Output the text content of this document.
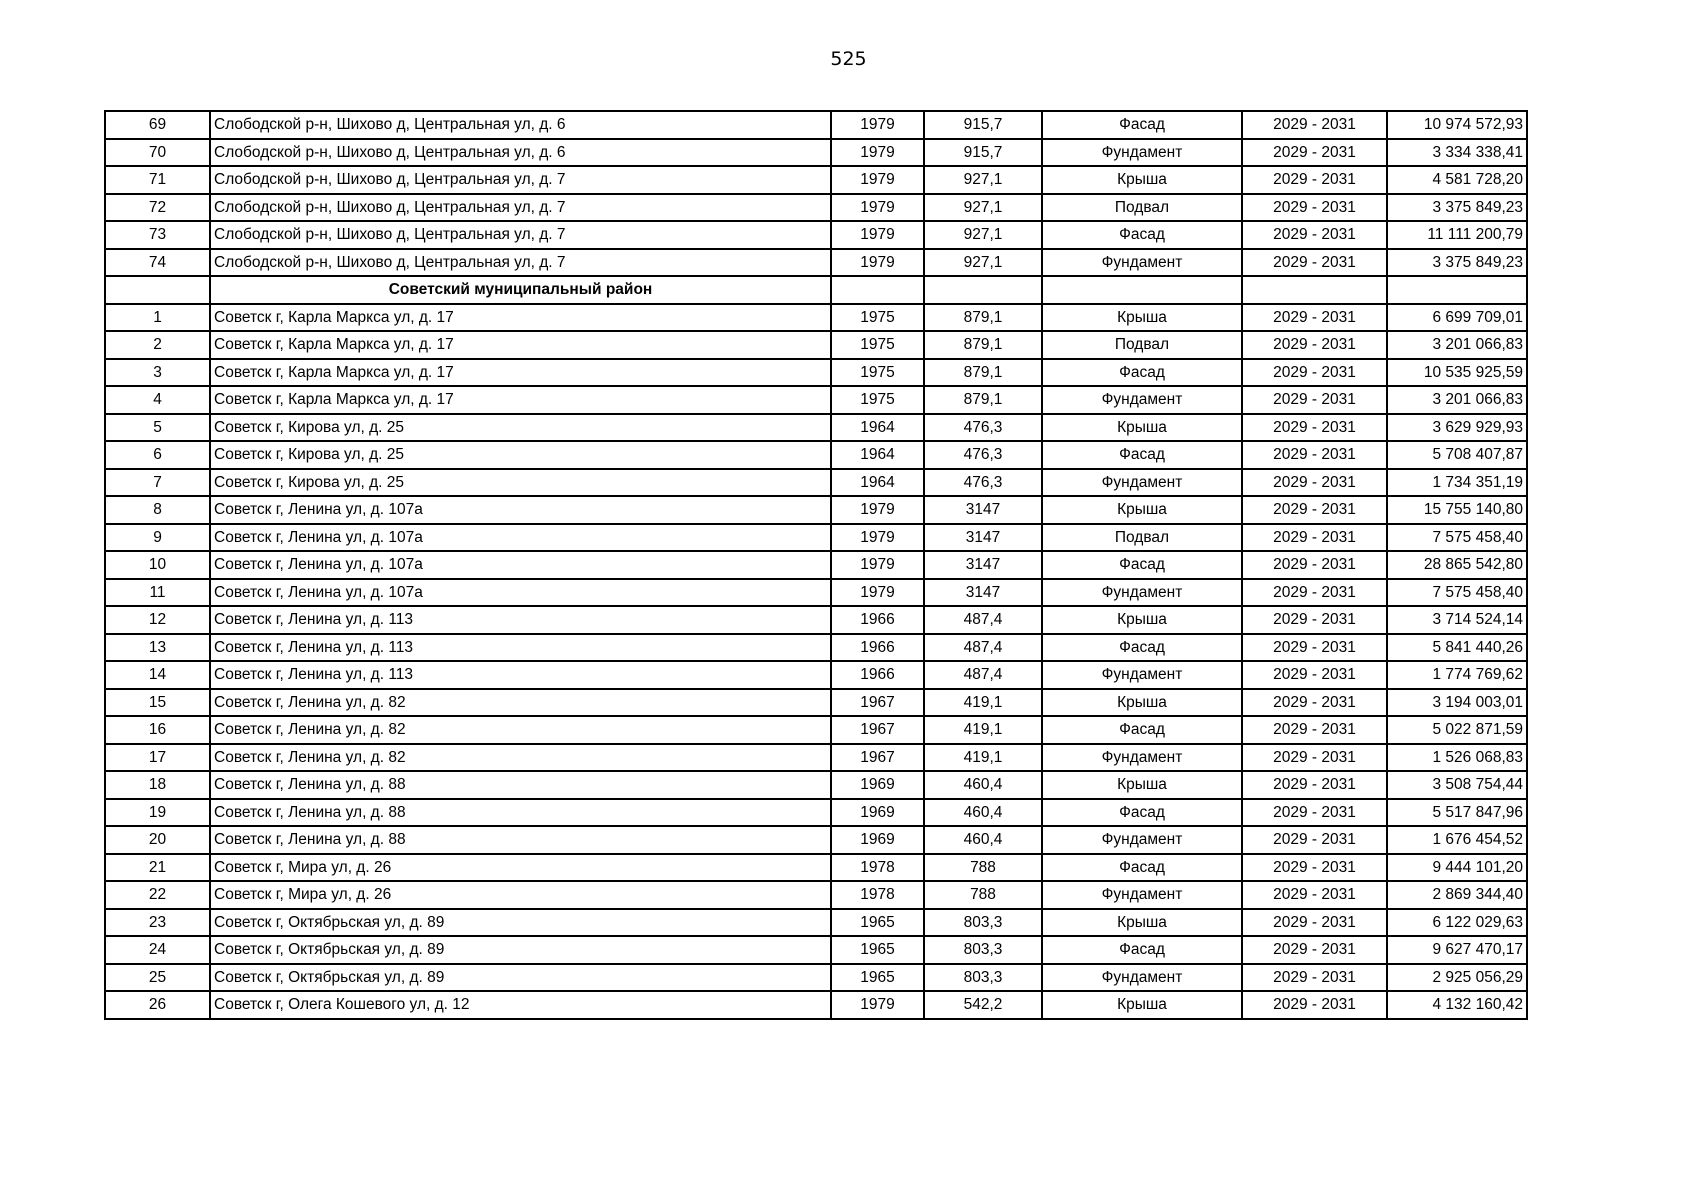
525
69	Слободской р-н, Шихово д, Центральная ул, д. 6	1979	915,7	Фасад	2029 - 2031	10 974 572,93
70	Слободской р-н, Шихово д, Центральная ул, д. 6	1979	915,7	Фундамент	2029 - 2031	3 334 338,41
71	Слободской р-н, Шихово д, Центральная ул, д. 7	1979	927,1	Крыша	2029 - 2031	4 581 728,20
72	Слободской р-н, Шихово д, Центральная ул, д. 7	1979	927,1	Подвал	2029 - 2031	3 375 849,23
73	Слободской р-н, Шихово д, Центральная ул, д. 7	1979	927,1	Фасад	2029 - 2031	11 111 200,79
74	Слободской р-н, Шихово д, Центральная ул, д. 7	1979	927,1	Фундамент	2029 - 2031	3 375 849,23
	Советский муниципальный район					
1	Советск г, Карла Маркса ул, д. 17	1975	879,1	Крыша	2029 - 2031	6 699 709,01
2	Советск г, Карла Маркса ул, д. 17	1975	879,1	Подвал	2029 - 2031	3 201 066,83
3	Советск г, Карла Маркса ул, д. 17	1975	879,1	Фасад	2029 - 2031	10 535 925,59
4	Советск г, Карла Маркса ул, д. 17	1975	879,1	Фундамент	2029 - 2031	3 201 066,83
5	Советск г, Кирова ул, д. 25	1964	476,3	Крыша	2029 - 2031	3 629 929,93
6	Советск г, Кирова ул, д. 25	1964	476,3	Фасад	2029 - 2031	5 708 407,87
7	Советск г, Кирова ул, д. 25	1964	476,3	Фундамент	2029 - 2031	1 734 351,19
8	Советск г, Ленина ул, д. 107а	1979	3147	Крыша	2029 - 2031	15 755 140,80
9	Советск г, Ленина ул, д. 107а	1979	3147	Подвал	2029 - 2031	7 575 458,40
10	Советск г, Ленина ул, д. 107а	1979	3147	Фасад	2029 - 2031	28 865 542,80
11	Советск г, Ленина ул, д. 107а	1979	3147	Фундамент	2029 - 2031	7 575 458,40
12	Советск г, Ленина ул, д. 113	1966	487,4	Крыша	2029 - 2031	3 714 524,14
13	Советск г, Ленина ул, д. 113	1966	487,4	Фасад	2029 - 2031	5 841 440,26
14	Советск г, Ленина ул, д. 113	1966	487,4	Фундамент	2029 - 2031	1 774 769,62
15	Советск г, Ленина ул, д. 82	1967	419,1	Крыша	2029 - 2031	3 194 003,01
16	Советск г, Ленина ул, д. 82	1967	419,1	Фасад	2029 - 2031	5 022 871,59
17	Советск г, Ленина ул, д. 82	1967	419,1	Фундамент	2029 - 2031	1 526 068,83
18	Советск г, Ленина ул, д. 88	1969	460,4	Крыша	2029 - 2031	3 508 754,44
19	Советск г, Ленина ул, д. 88	1969	460,4	Фасад	2029 - 2031	5 517 847,96
20	Советск г, Ленина ул, д. 88	1969	460,4	Фундамент	2029 - 2031	1 676 454,52
21	Советск г, Мира ул, д. 26	1978	788	Фасад	2029 - 2031	9 444 101,20
22	Советск г, Мира ул, д. 26	1978	788	Фундамент	2029 - 2031	2 869 344,40
23	Советск г, Октябрьская ул, д. 89	1965	803,3	Крыша	2029 - 2031	6 122 029,63
24	Советск г, Октябрьская ул, д. 89	1965	803,3	Фасад	2029 - 2031	9 627 470,17
25	Советск г, Октябрьская ул, д. 89	1965	803,3	Фундамент	2029 - 2031	2 925 056,29
26	Советск г, Олега Кошевого ул, д. 12	1979	542,2	Крыша	2029 - 2031	4 132 160,42
